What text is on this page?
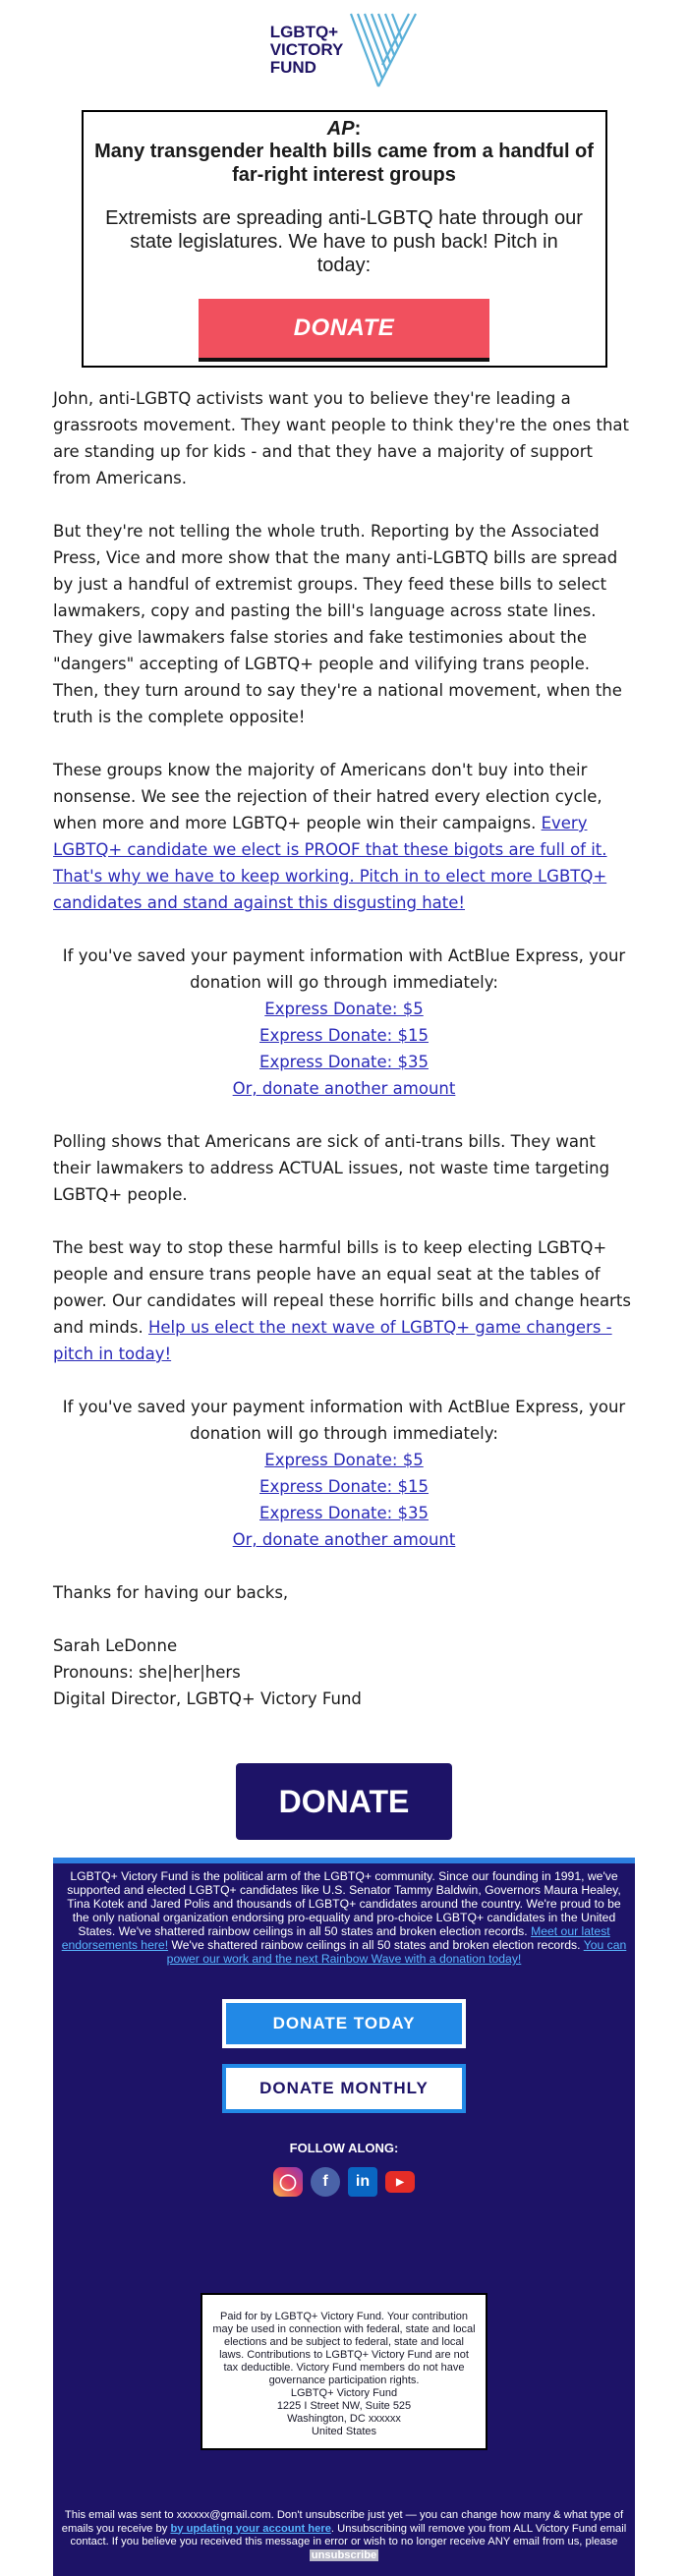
LGBTQ+
VICTORY
FUND
AP:
Many transgender health bills came from a handful of far-right interest groups
Extremists are spreading anti-LGBTQ hate through our state legislatures. We have to push back! Pitch in today:
DONATE

John, anti-LGBTQ activists want you to believe they're leading a grassroots movement. They want people to think they're the ones that are standing up for kids - and that they have a majority of support from Americans.

But they're not telling the whole truth. Reporting by the Associated Press, Vice and more show that the many anti-LGBTQ bills are spread by just a handful of extremist groups. They feed these bills to select lawmakers, copy and pasting the bill's language across state lines. They give lawmakers false stories and fake testimonies about the "dangers" accepting of LGBTQ+ people and vilifying trans people. Then, they turn around to say they're a national movement, when the truth is the complete opposite!

These groups know the majority of Americans don't buy into their nonsense. We see the rejection of their hatred every election cycle, when more and more LGBTQ+ people win their campaigns. Every LGBTQ+ candidate we elect is PROOF that these bigots are full of it. That's why we have to keep working. Pitch in to elect more LGBTQ+ candidates and stand against this disgusting hate!

If you've saved your payment information with ActBlue Express, your donation will go through immediately:

Express Donate: $5

Express Donate: $15

Express Donate: $35

Or, donate another amount

Polling shows that Americans are sick of anti-trans bills. They want their lawmakers to address ACTUAL issues, not waste time targeting LGBTQ+ people.

The best way to stop these harmful bills is to keep electing LGBTQ+ people and ensure trans people have an equal seat at the tables of power. Our candidates will repeal these horrific bills and change hearts and minds. Help us elect the next wave of LGBTQ+ game changers - pitch in today!

If you've saved your payment information with ActBlue Express, your donation will go through immediately:

Express Donate: $5

Express Donate: $15

Express Donate: $35

Or, donate another amount

Thanks for having our backs,

Sarah LeDonne

Pronouns: she|her|hers

Digital Director, LGBTQ+ Victory Fund

DONATE
LGBTQ+ Victory Fund is the political arm of the LGBTQ+ community. Since our founding in 1991, we've supported and elected LGBTQ+ candidates like U.S. Senator Tammy Baldwin, Governors Maura Healey, Tina Kotek and Jared Polis and thousands of LGBTQ+ candidates around the country. We're proud to be the only national organization endorsing pro-equality and pro-choice LGBTQ+ candidates in the United States. We've shattered rainbow ceilings in all 50 states and broken election records. Meet our latest endorsements here! We've shattered rainbow ceilings in all 50 states and broken election records. You can power our work and the next Rainbow Wave with a donation today!
DONATE TODAY
DONATE MONTHLY
FOLLOW ALONG:
◯	f	in	▶
Paid for by LGBTQ+ Victory Fund. Your contribution may be used in connection with federal, state and local elections and be subject to federal, state and local laws. Contributions to LGBTQ+ Victory Fund are not tax deductible. Victory Fund members do not have governance participation rights.
LGBTQ+ Victory Fund
1225 I Street NW, Suite 525
Washington, DC xxxxxx
United States
This email was sent to xxxxxx@gmail.com. Don't unsubscribe just yet — you can change how many & what type of emails you receive by by updating your account here. Unsubscribing will remove you from ALL Victory Fund email contact. If you believe you received this message in error or wish to no longer receive ANY email from us, please unsubscribe
